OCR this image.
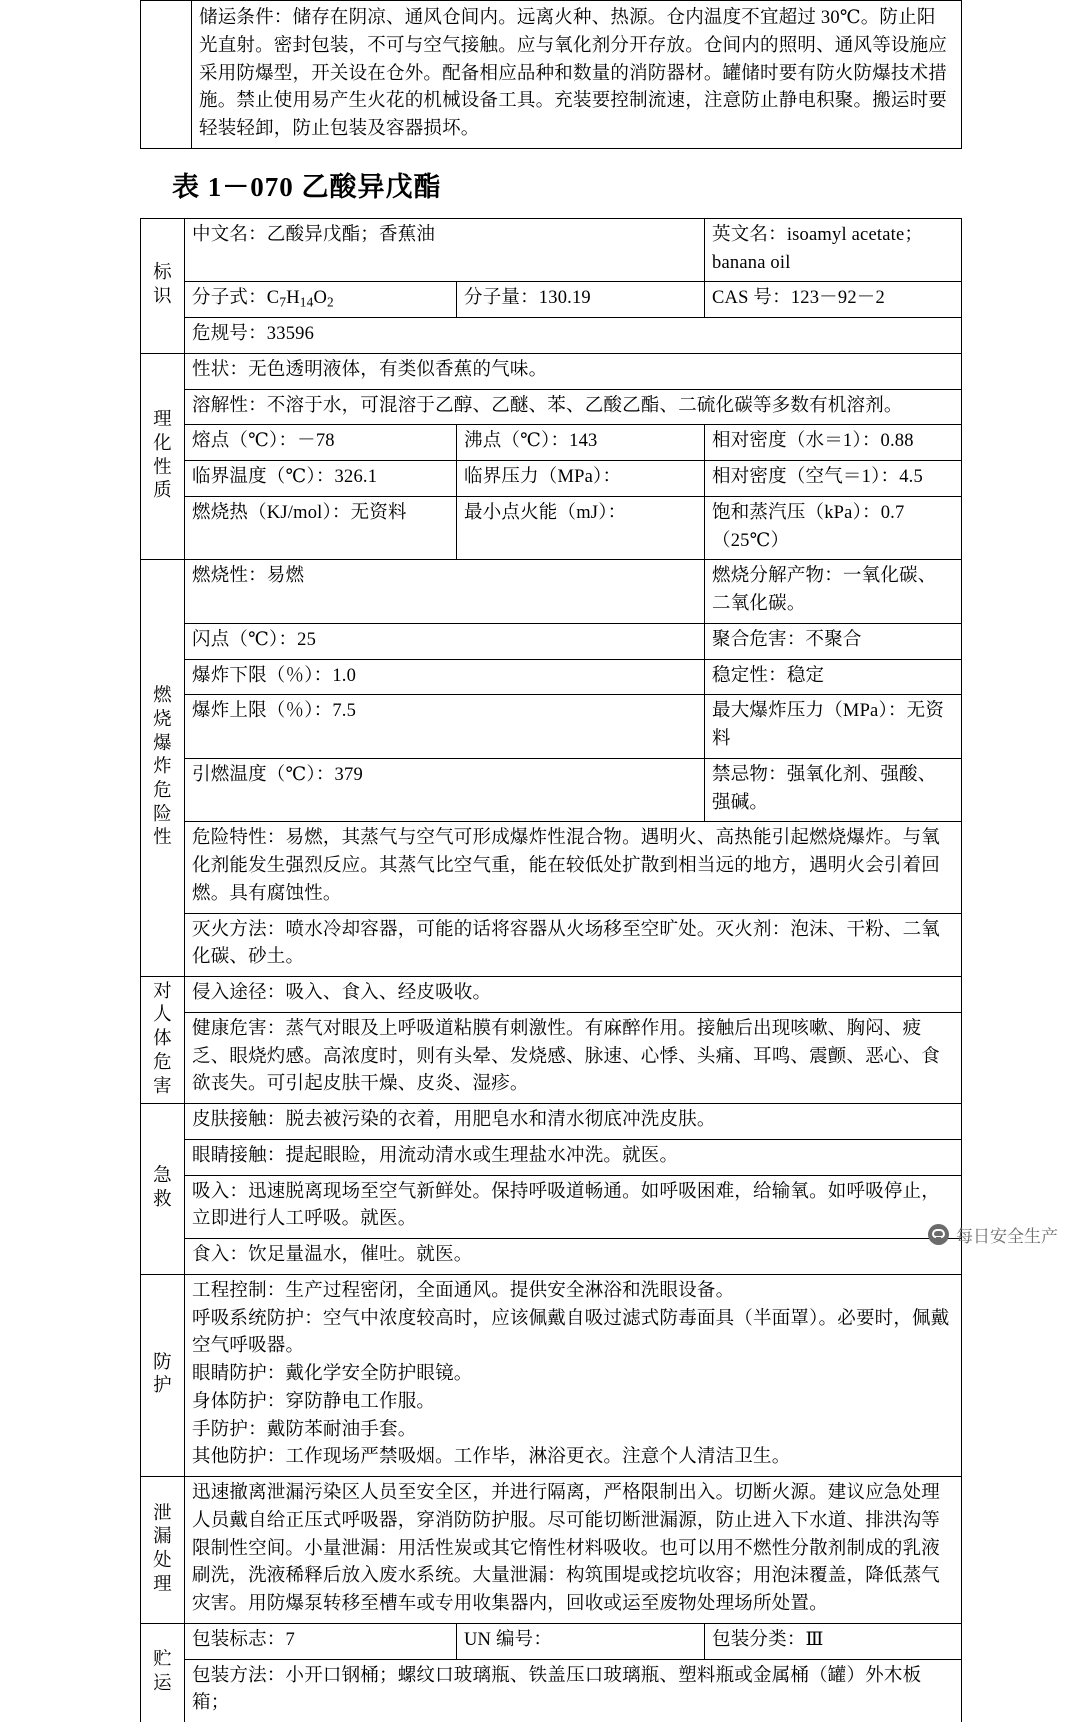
	储运条件：储存在阴凉、通风仓间内。远离火种、热源。仓内温度不宜超过 30℃。防止阳光直射。密封包装，不可与空气接触。应与氧化剂分开存放。仓间内的照明、通风等设施应采用防爆型，开关设在仓外。配备相应品种和数量的消防器材。罐储时要有防火防爆技术措施。禁止使用易产生火花的机械设备工具。充装要控制流速，注意防止静电积聚。搬运时要轻装轻卸，防止包装及容器损坏。
表 1－070 乙酸异戊酯
标识	中文名：乙酸异戊酯；香蕉油		英文名：isoamyl acetate；banana oil
	分子式：$C_7H_{14}O_2$	分子量：130.19	CAS 号：123－92－2
	危规号：33596		

理
化
性
质	性状：无色透明液体，有类似香蕉的气味。		
	溶解性：不溶于水，可混溶于乙醇、乙醚、苯、乙酸乙酯、二硫化碳等多数有机溶剂。		
	熔点（℃）：－78	沸点（℃）：143	相对密度（水＝1）：0.88
	临界温度（℃）：326.1	临界压力（MPa）：	相对密度（空气＝1）：4.5
	燃烧热（KJ/mol）：无资料	最小点火能（mJ）：	饱和蒸汽压（kPa）：0.7（25℃）

燃
烧
爆
炸
危
险
性
	燃烧性：易燃	燃烧分解产物：一氧化碳、二氧化碳。
	闪点（℃）：25		聚合危害：不聚合
	爆炸下限（％）：1.0		稳定性：稳定
	爆炸上限（％）：7.5		最大爆炸压力（MPa）：无资料
	引燃温度（℃）：379		禁忌物：强氧化剂、强酸、强碱。
	危险特性：易燃，其蒸气与空气可形成爆炸性混合物。遇明火、高热能引起燃烧爆炸。与氧化剂能发生强烈反应。其蒸气比空气重，能在较低处扩散到相当远的地方，遇明火会引着回燃。具有腐蚀性。		
	灭火方法：喷水冷却容器，可能的话将容器从火场移至空旷处。灭火剂：泡沫、干粉、二氧化碳、砂土。		

对
人
体
危
害	侵入途径：吸入、食入、经皮吸收。		
	健康危害：蒸气对眼及上呼吸道粘膜有刺激性。有麻醉作用。接触后出现咳嗽、胸闷、疲乏、眼烧灼感。高浓度时，则有头晕、发烧感、脉速、心悸、头痛、耳鸣、震颤、恶心、食欲丧失。可引起皮肤干燥、皮炎、湿疹。		

急
救	皮肤接触：脱去被污染的衣着，用肥皂水和清水彻底冲洗皮肤。		
	眼睛接触：提起眼睑，用流动清水或生理盐水冲洗。就医。		
	吸入：迅速脱离现场至空气新鲜处。保持呼吸道畅通。如呼吸困难，给输氧。如呼吸停止，立即进行人工呼吸。就医。		
	食入：饮足量温水，催吐。就医。		

防
护

工程控制：生产过程密闭，全面通风。提供安全淋浴和洗眼设备。
呼吸系统防护：空气中浓度较高时，应该佩戴自吸过滤式防毒面具（半面罩）。必要时，佩戴空气呼吸器。
眼睛防护：戴化学安全防护眼镜。
身体防护：穿防静电工作服。
手防护：戴防苯耐油手套。
其他防护：工作现场严禁吸烟。工作毕，淋浴更衣。注意个人清洁卫生。

泄
漏
处
理	迅速撤离泄漏污染区人员至安全区，并进行隔离，严格限制出入。切断火源。建议应急处理人员戴自给正压式呼吸器，穿消防防护服。尽可能切断泄漏源，防止进入下水道、排洪沟等限制性空间。小量泄漏：用活性炭或其它惰性材料吸收。也可以用不燃性分散剂制成的乳液刷洗，洗液稀释后放入废水系统。大量泄漏：构筑围堤或挖坑收容；用泡沫覆盖，降低蒸气灾害。用防爆泵转移至槽车或专用收集器内，回收或运至废物处理场所处置。		

贮
运	包装标志：7	UN 编号：	包装分类：Ⅲ
	包装方法：小开口钢桶；螺纹口玻璃瓶、铁盖压口玻璃瓶、塑料瓶或金属桶（罐）外木板箱；		
每日安全生产
